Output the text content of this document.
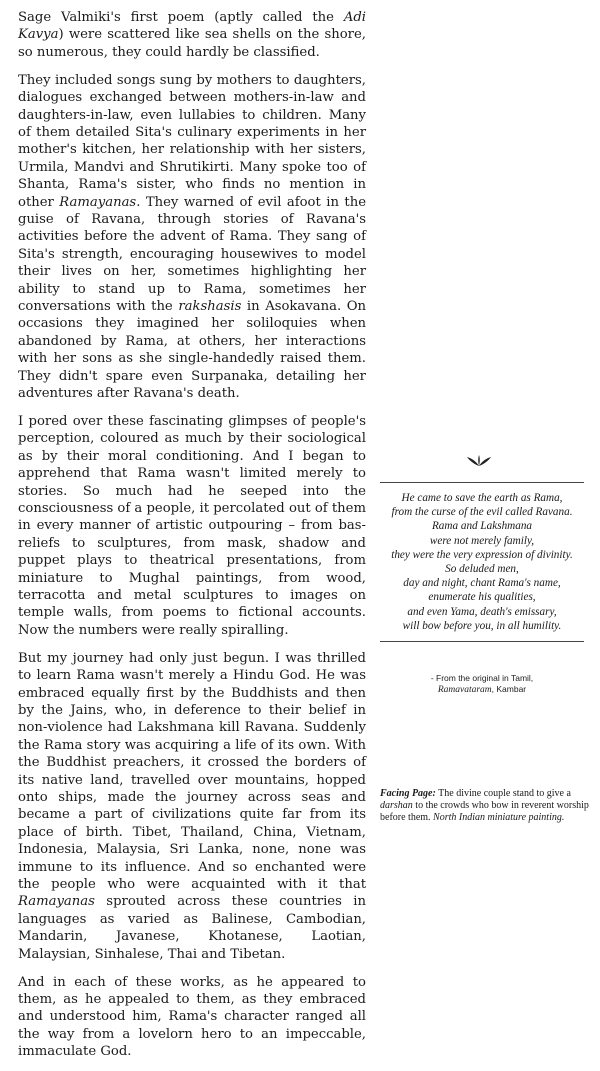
Sage Valmiki's first poem (aptly called the Adi Kavya) were scattered like sea shells on the shore, so numerous, they could hardly be classified.

They included songs sung by mothers to daughters, dialogues exchanged between mothers-in-law and daughters-in-law, even lullabies to children. Many of them detailed Sita's culinary experiments in her mother's kitchen, her relationship with her sisters, Urmila, Mandvi and Shrutikirti. Many spoke too of Shanta, Rama's sister, who finds no mention in other Ramayanas. They warned of evil afoot in the guise of Ravana, through stories of Ravana's activities before the advent of Rama. They sang of Sita's strength, encouraging housewives to model their lives on her, sometimes highlighting her ability to stand up to Rama, sometimes her conversations with the rakshasis in Asokavana. On occasions they imagined her soliloquies when abandoned by Rama, at others, her interactions with her sons as she single-handedly raised them. They didn't spare even Surpanaka, detailing her adventures after Ravana's death.

I pored over these fascinating glimpses of people's perception, coloured as much by their sociological as by their moral conditioning. And I began to apprehend that Rama wasn't limited merely to stories. So much had he seeped into the consciousness of a people, it percolated out of them in every manner of artistic outpouring – from bas-reliefs to sculptures, from mask, shadow and puppet plays to theatrical presentations, from miniature to Mughal paintings, from wood, terracotta and metal sculptures to images on temple walls, from poems to fictional accounts. Now the numbers were really spiralling.

But my journey had only just begun. I was thrilled to learn Rama wasn't merely a Hindu God. He was embraced equally first by the Buddhists and then by the Jains, who, in deference to their belief in non-violence had Lakshmana kill Ravana. Suddenly the Rama story was acquiring a life of its own. With the Buddhist preachers, it crossed the borders of its native land, travelled over mountains, hopped onto ships, made the journey across seas and became a part of civilizations quite far from its place of birth. Tibet, Thailand, China, Vietnam, Indonesia, Malaysia, Sri Lanka, none, none was immune to its influence. And so enchanted were the people who were acquainted with it that Ramayanas sprouted across these countries in languages as varied as Balinese, Cambodian, Mandarin, Javanese, Khotanese, Laotian, Malaysian, Sinhalese, Thai and Tibetan.

And in each of these works, as he appeared to them, as he appealed to them, as they embraced and understood him, Rama's character ranged all the way from a lovelorn hero to an impeccable, immaculate God.

He came to save the earth as Rama,
from the curse of the evil called Ravana.
Rama and Lakshmana
were not merely family,
they were the very expression of divinity.
So deluded men,
day and night, chant Rama's name,
enumerate his qualities,
and even Yama, death's emissary,
will bow before you, in all humility.
- From the original in Tamil,
Ramavataram, Kambar
Facing Page: The divine couple stand to give a darshan to the crowds who bow in reverent worship before them. North Indian miniature painting.
